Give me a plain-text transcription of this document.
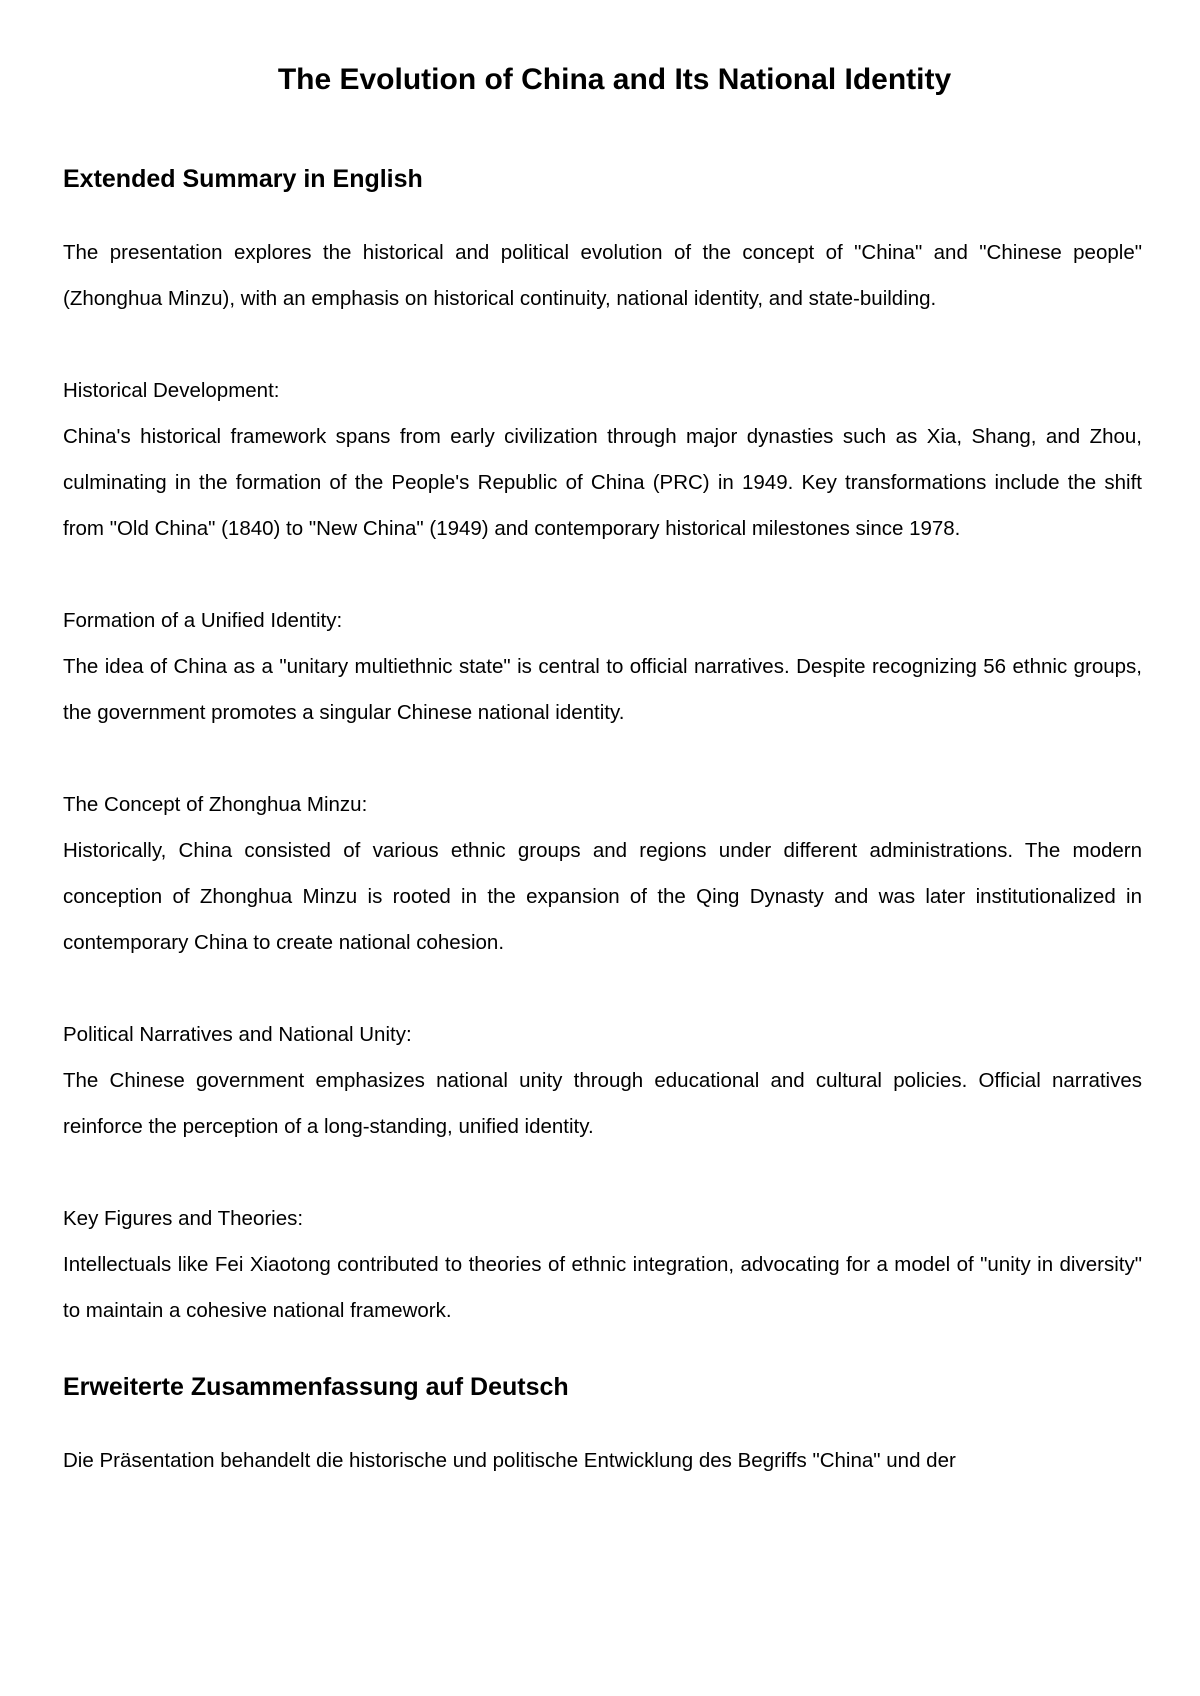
The Evolution of China and Its National Identity
Extended Summary in English

The presentation explores the historical and political evolution of the concept of "China" and "Chinese people" (Zhonghua Minzu), with an emphasis on historical continuity, national identity, and state-building.

Historical Development:
China's historical framework spans from early civilization through major dynasties such as Xia, Shang, and Zhou, culminating in the formation of the People's Republic of China (PRC) in 1949. Key transformations include the shift from "Old China" (1840) to "New China" (1949) and contemporary historical milestones since 1978.

Formation of a Unified Identity:
The idea of China as a "unitary multiethnic state" is central to official narratives. Despite recognizing 56 ethnic groups, the government promotes a singular Chinese national identity.

The Concept of Zhonghua Minzu:
Historically, China consisted of various ethnic groups and regions under different administrations. The modern conception of Zhonghua Minzu is rooted in the expansion of the Qing Dynasty and was later institutionalized in contemporary China to create national cohesion.

Political Narratives and National Unity:
The Chinese government emphasizes national unity through educational and cultural policies. Official narratives reinforce the perception of a long-standing, unified identity.

Key Figures and Theories:
Intellectuals like Fei Xiaotong contributed to theories of ethnic integration, advocating for a model of "unity in diversity" to maintain a cohesive national framework.

Erweiterte Zusammenfassung auf Deutsch

Die Präsentation behandelt die historische und politische Entwicklung des Begriffs "China" und der
